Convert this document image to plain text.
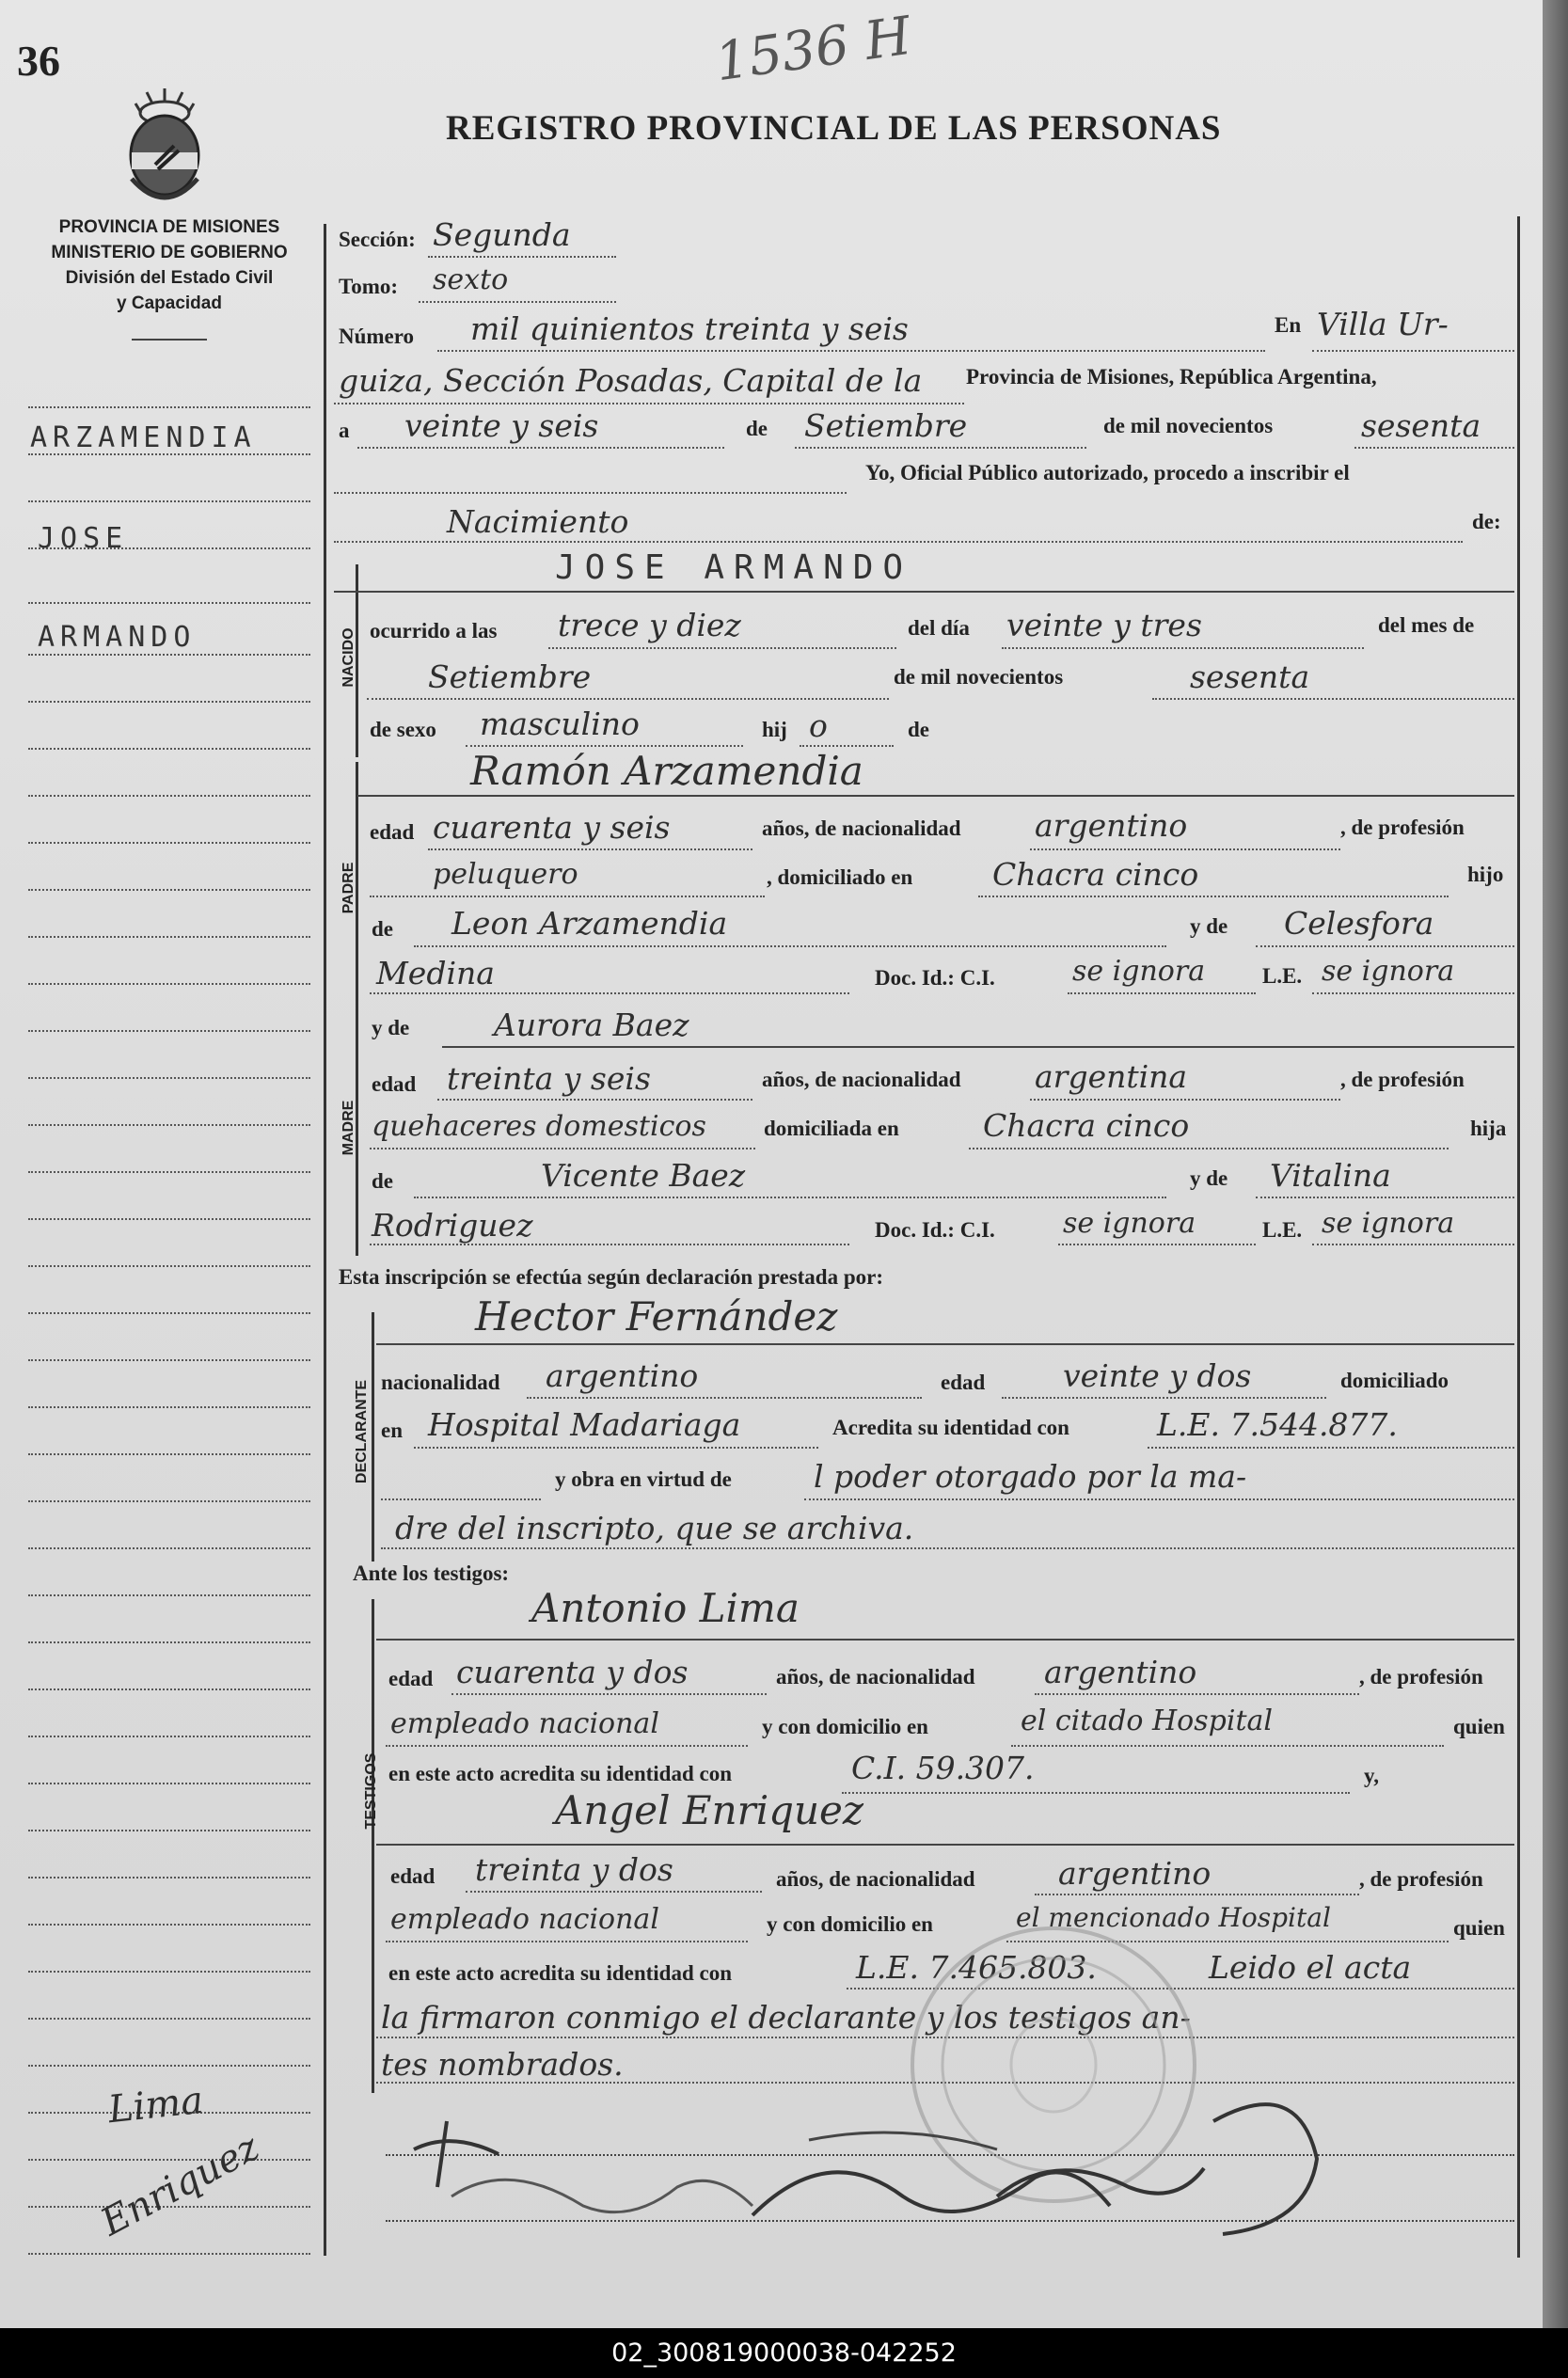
36	1536 H
REGISTRO PROVINCIAL DE LAS PERSONAS
PROVINCIA DE MISIONES
MINISTERIO DE GOBIERNO
División del Estado Civil
y Capacidad
ARZAMENDIA
JOSE
ARMANDO
Lima
Enriquez
Sección: Segunda
Tomo: sexto
Número mil quinientos treinta y seis	En Villa Ur-
guiza, Sección Posadas, Capital de la Provincia de Misiones, República Argentina,
a veinte y seis	de Setiembre	de mil novecientos	sesenta
Yo, Oficial Público autorizado, procedo a inscribir el
Nacimiento	de:
NACIDO
JOSE ARMANDO
ocurrido a las trece y diez	del día veinte y tres	del mes de
Setiembre	de mil novecientos	sesenta
de sexo masculino	hij o	de
PADRE
Ramón Arzamendia
edad cuarenta y seis	años, de nacionalidad argentino	, de profesión
peluquero	, domiciliado en	Chacra cinco	hijo
de Leon Arzamendia	y de Celesfora
Medina	Doc. Id.: C.I.	se ignora	L.E. se ignora
MADRE
y de	Aurora Baez
edad treinta y seis	años, de nacionalidad argentina	, de profesión
quehaceres domesticos	domiciliada en	Chacra cinco	hija
de	Vicente Baez	y de Vitalina
Rodriguez	Doc. Id.: C.I. se ignora	L.E. se ignora
Esta inscripción se efectúa según declaración prestada por:
DECLARANTE
Hector Fernández
nacionalidad argentino	edad	veinte y dos	domiciliado
en Hospital Madariaga	Acredita su identidad con	L.E. 7.544.877.
y obra en virtud de	l poder otorgado por la ma-
dre del inscripto, que se archiva.
Ante los testigos:
TESTIGOS
Antonio Lima
edad cuarenta y dos	años, de nacionalidad argentino	, de profesión
empleado nacional	y con domicilio en	el citado Hospital	quien
en este acto acredita su identidad con	C.I. 59.307.	y,
Angel Enriquez
edad treinta y dos	años, de nacionalidad	argentino	, de profesión
empleado nacional	y con domicilio en	el mencionado Hospital	quien
en este acto acredita su identidad con	L.E. 7.465.803.	Leido el acta
la firmaron conmigo el declarante y los testigos an-
tes nombrados.
02_300819000038-042252
